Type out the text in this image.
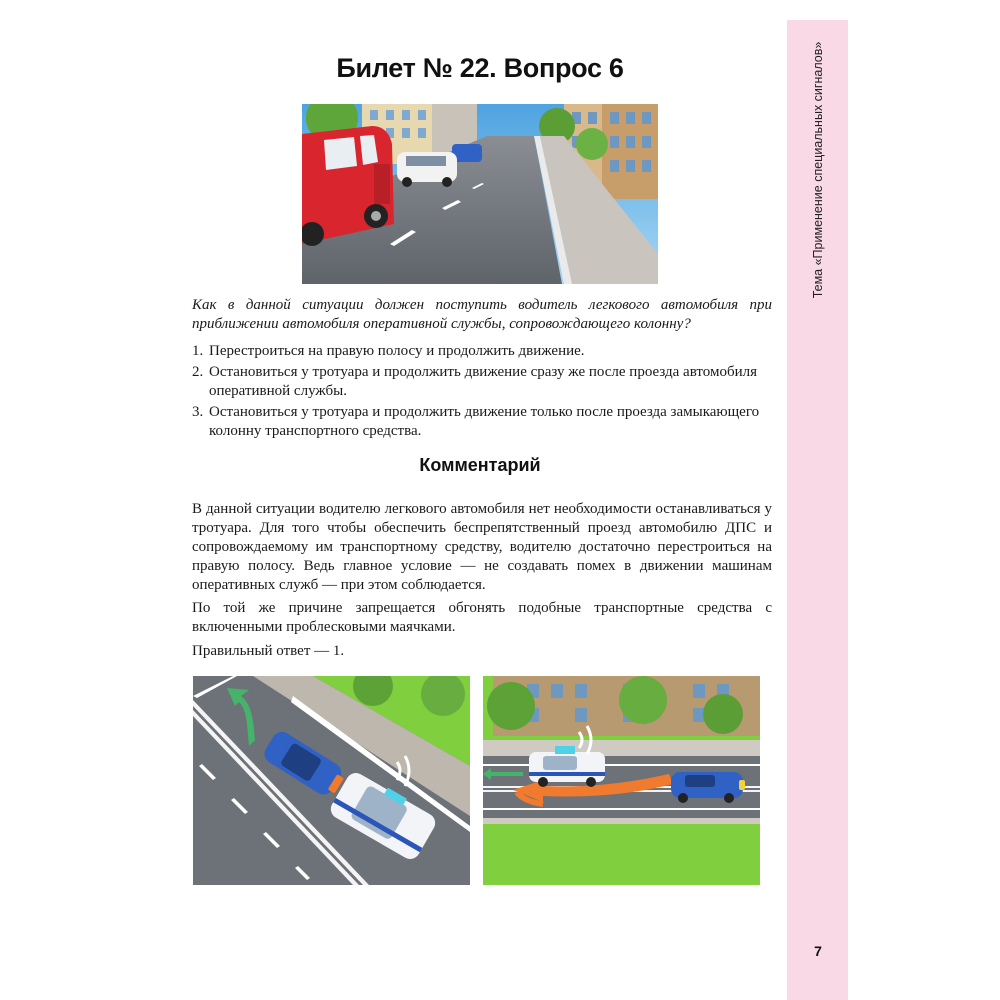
Тема «Применение специальных сигналов»
7
Билет № 22. Вопрос 6

Как в данной ситуации должен поступить водитель легкового автомобиля при приближении автомобиля оперативной службы, сопровождающего колонну?

1. Перестроиться на правую полосу и продолжить движение.
2. Остановиться у тротуара и продолжить движение сразу же после проезда автомобиля оперативной службы.
3. Остановиться у тротуара и продолжить движение только после проезда замыкающего колонну транспортного средства.
Комментарий

В данной ситуации водителю легкового автомобиля нет необходимости останавливаться у тротуара. Для того чтобы обеспечить беспрепятственный проезд автомобилю ДПС и сопровождаемому им транспортному средству, водителю достаточно перестроиться на правую полосу. Ведь главное условие — не создавать помех в движении машинам оперативных служб — при этом соблюдается.

По той же причине запрещается обгонять подобные транспортные средства с включенными проблесковыми маячками.

Правильный ответ — 1.
